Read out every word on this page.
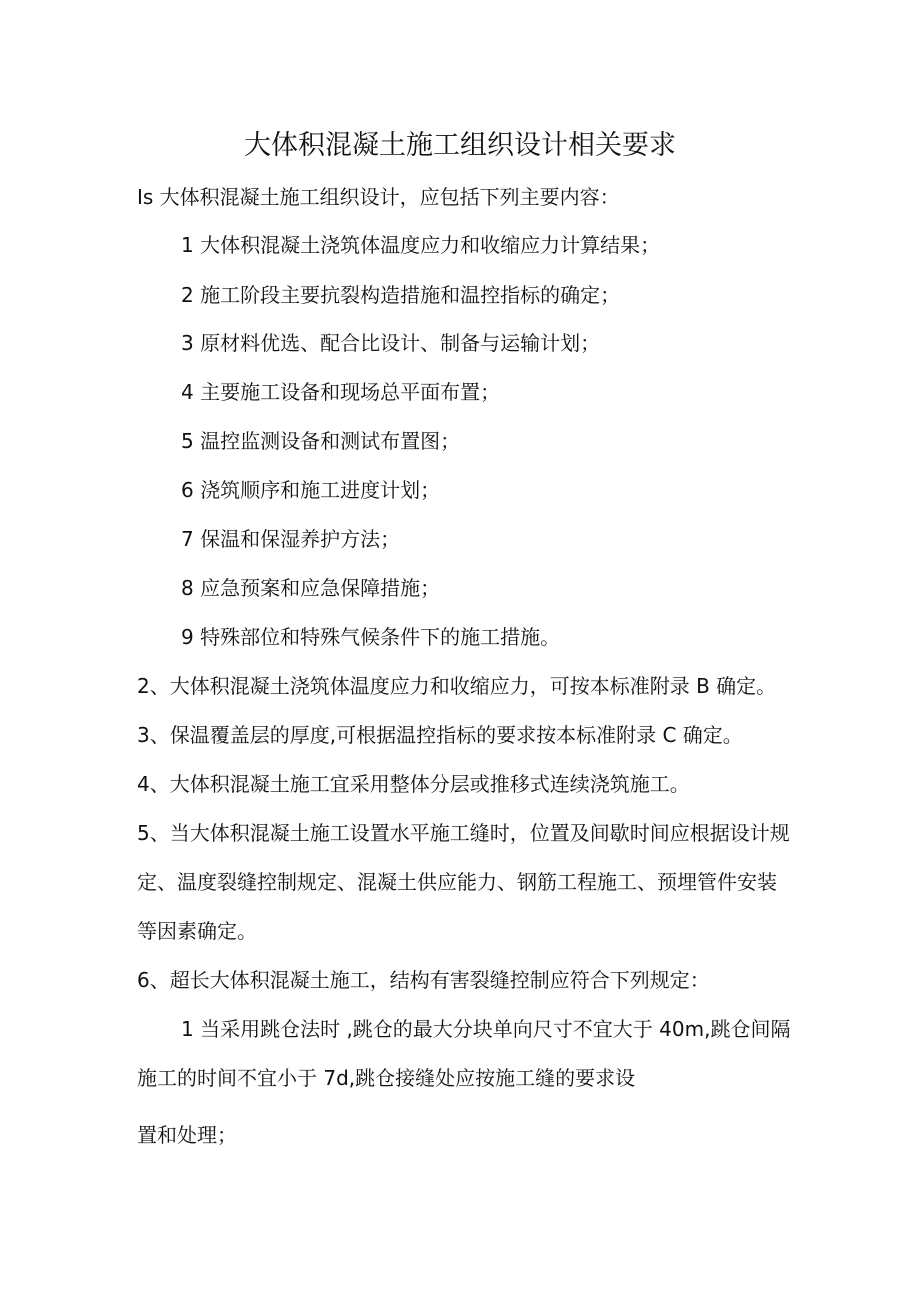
大体积混凝土施工组织设计相关要求
Is 大体积混凝土施工组织设计，应包括下列主要内容：
1 大体积混凝土浇筑体温度应力和收缩应力计算结果；
2 施工阶段主要抗裂构造措施和温控指标的确定；
3 原材料优选、配合比设计、制备与运输计划；
4 主要施工设备和现场总平面布置；
5 温控监测设备和测试布置图；
6 浇筑顺序和施工进度计划；
7 保温和保湿养护方法；
8 应急预案和应急保障措施；
9 特殊部位和特殊气候条件下的施工措施。
2、大体积混凝土浇筑体温度应力和收缩应力，可按本标准附录 B 确定。
3、保温覆盖层的厚度,可根据温控指标的要求按本标准附录 C 确定。
4、大体积混凝土施工宜采用整体分层或推移式连续浇筑施工。
5、当大体积混凝土施工设置水平施工缝时，位置及间歇时间应根据设计规
定、温度裂缝控制规定、混凝土供应能力、钢筋工程施工、预埋管件安装
等因素确定。
6、超长大体积混凝土施工，结构有害裂缝控制应符合下列规定：
1 当采用跳仓法时 ,跳仓的最大分块单向尺寸不宜大于 40m,跳仓间隔
施工的时间不宜小于 7d,跳仓接缝处应按施工缝的要求设
置和处理；
